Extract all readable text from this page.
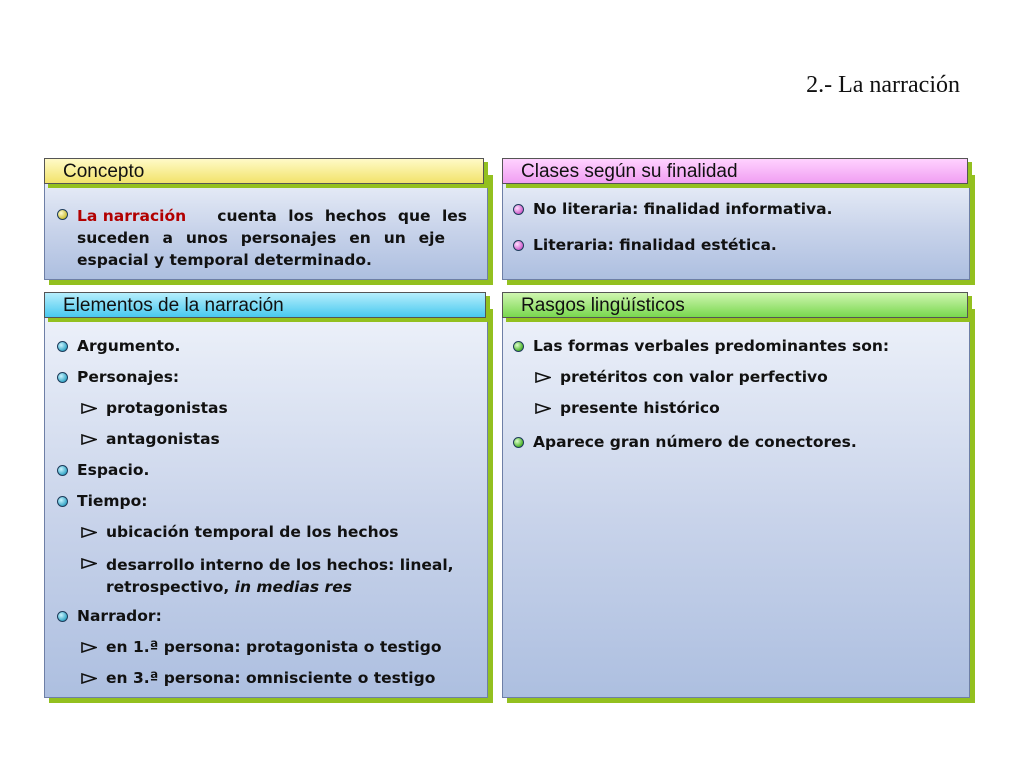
2.- La narración
La narración cuenta los hechos que les
suceden a unos personajes en un eje
espacial y temporal determinado.
Concepto
No literaria: finalidad informativa.
Literaria: finalidad estética.
Clases según su finalidad
Argumento.
Personajes:
protagonistas
antagonistas
Espacio.
Tiempo:
ubicación temporal de los hechos
desarrollo interno de los hechos: lineal,
retrospectivo, in medias res
Narrador:
en 1.ª persona: protagonista o testigo
en 3.ª persona: omnisciente o testigo
Elementos de la narración
Las formas verbales predominantes son:
pretéritos con valor perfectivo
presente histórico
Aparece gran número de conectores.
Rasgos lingüísticos
